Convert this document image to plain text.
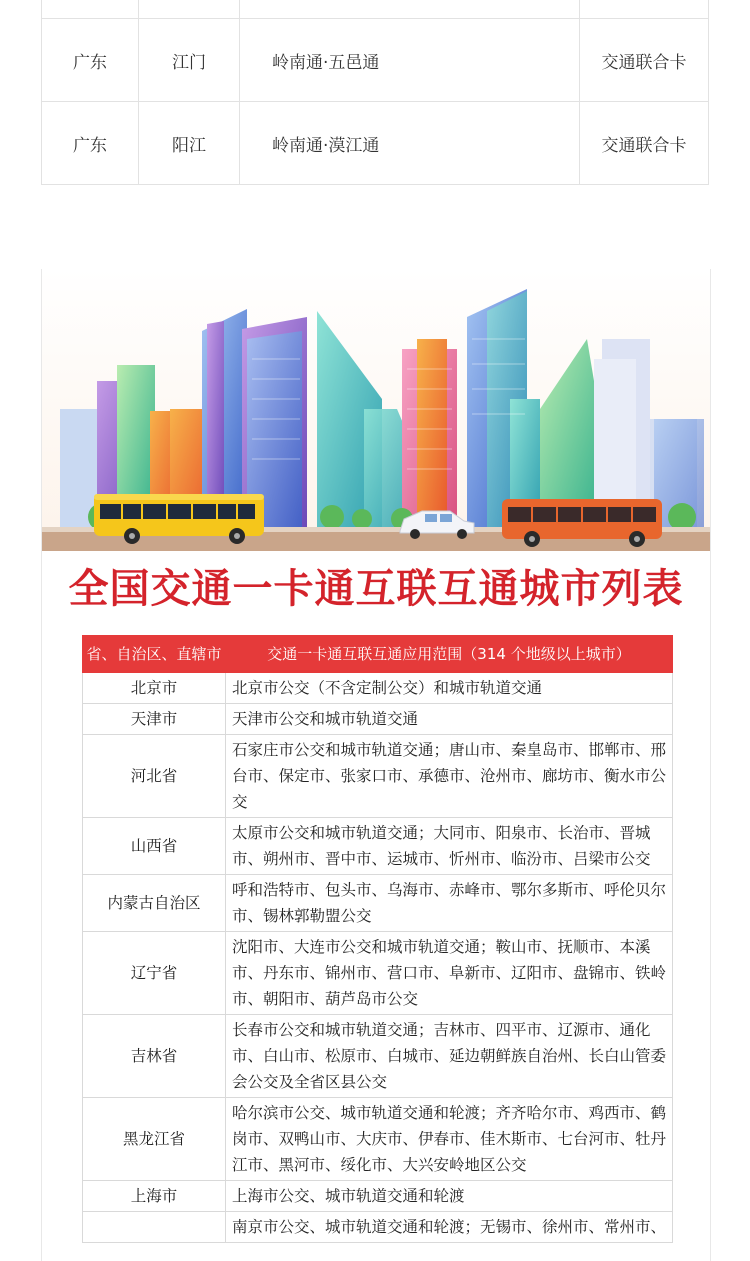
广东	江门	岭南通·五邑通	交通联合卡
广东	阳江	岭南通·漠江通	交通联合卡
全国交通一卡通互联互通城市列表
省、自治区、直辖市	交通一卡通互联互通应用范围（314 个地级以上城市）
北京市	北京市公交（不含定制公交）和城市轨道交通
天津市	天津市公交和城市轨道交通
河北省	石家庄市公交和城市轨道交通；唐山市、秦皇岛市、邯郸市、邢台市、保定市、张家口市、承德市、沧州市、廊坊市、衡水市公交
山西省	太原市公交和城市轨道交通；大同市、阳泉市、长治市、晋城市、朔州市、晋中市、运城市、忻州市、临汾市、吕梁市公交
内蒙古自治区	呼和浩特市、包头市、乌海市、赤峰市、鄂尔多斯市、呼伦贝尔市、锡林郭勒盟公交
辽宁省	沈阳市、大连市公交和城市轨道交通；鞍山市、抚顺市、本溪市、丹东市、锦州市、营口市、阜新市、辽阳市、盘锦市、铁岭市、朝阳市、葫芦岛市公交
吉林省	长春市公交和城市轨道交通；吉林市、四平市、辽源市、通化市、白山市、松原市、白城市、延边朝鲜族自治州、长白山管委会公交及全省区县公交
黑龙江省	哈尔滨市公交、城市轨道交通和轮渡；齐齐哈尔市、鸡西市、鹤岗市、双鸭山市、大庆市、伊春市、佳木斯市、七台河市、牡丹江市、黑河市、绥化市、大兴安岭地区公交
上海市	上海市公交、城市轨道交通和轮渡
	南京市公交、城市轨道交通和轮渡；无锡市、徐州市、常州市、
